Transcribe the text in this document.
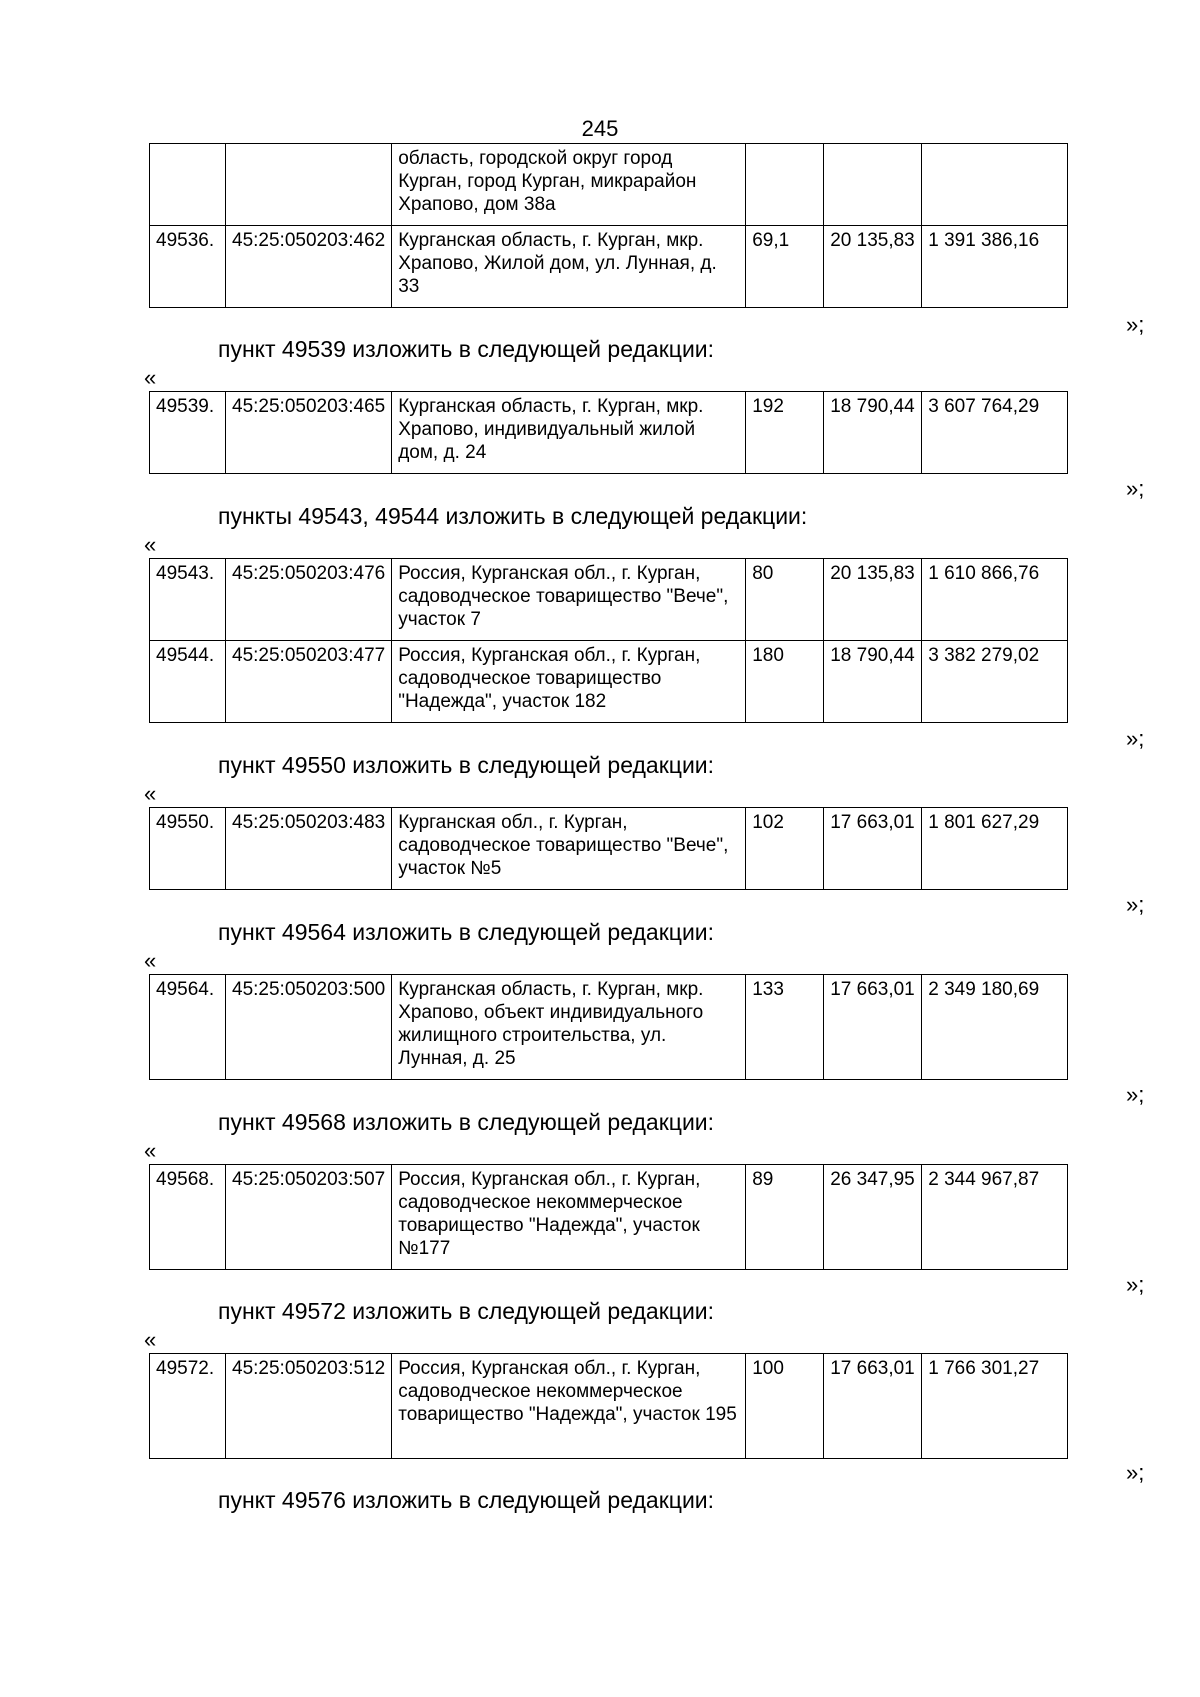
245
		область, городской округ город Курган, город Курган, микрарайон Храпово, дом 38а			
49536.	45:25:050203:462	Курганская область, г. Курган, мкр. Храпово, Жилой дом, ул. Лунная, д. 33	69,1	20 135,83	1 391 386,16
»;
пункт 49539 изложить в следующей редакции:
«
49539.	45:25:050203:465	Курганская область, г. Курган, мкр. Храпово, индивидуальный жилой дом, д. 24	192	18 790,44	3 607 764,29
»;
пункты 49543, 49544 изложить в следующей редакции:
«
49543.	45:25:050203:476	Россия, Курганская обл., г. Курган, садоводческое товарищество "Вече", участок 7	80	20 135,83	1 610 866,76
49544.	45:25:050203:477	Россия, Курганская обл., г. Курган, садоводческое товарищество "Надежда", участок 182	180	18 790,44	3 382 279,02
»;
пункт 49550 изложить в следующей редакции:
«
49550.	45:25:050203:483	Курганская обл., г. Курган, садоводческое товарищество "Вече", участок №5	102	17 663,01	1 801 627,29
»;
пункт 49564 изложить в следующей редакции:
«
49564.	45:25:050203:500	Курганская область, г. Курган, мкр. Храпово, объект индивидуального жилищного строительства, ул. Лунная, д. 25	133	17 663,01	2 349 180,69
»;
пункт 49568 изложить в следующей редакции:
«
49568.	45:25:050203:507	Россия, Курганская обл., г. Курган, садоводческое некоммерческое товарищество "Надежда", участок №177	89	26 347,95	2 344 967,87
»;
пункт 49572 изложить в следующей редакции:
«
49572.	45:25:050203:512	Россия, Курганская обл., г. Курган, садоводческое некоммерческое товарищество "Надежда", участок 195	100	17 663,01	1 766 301,27
»;
пункт 49576 изложить в следующей редакции:
